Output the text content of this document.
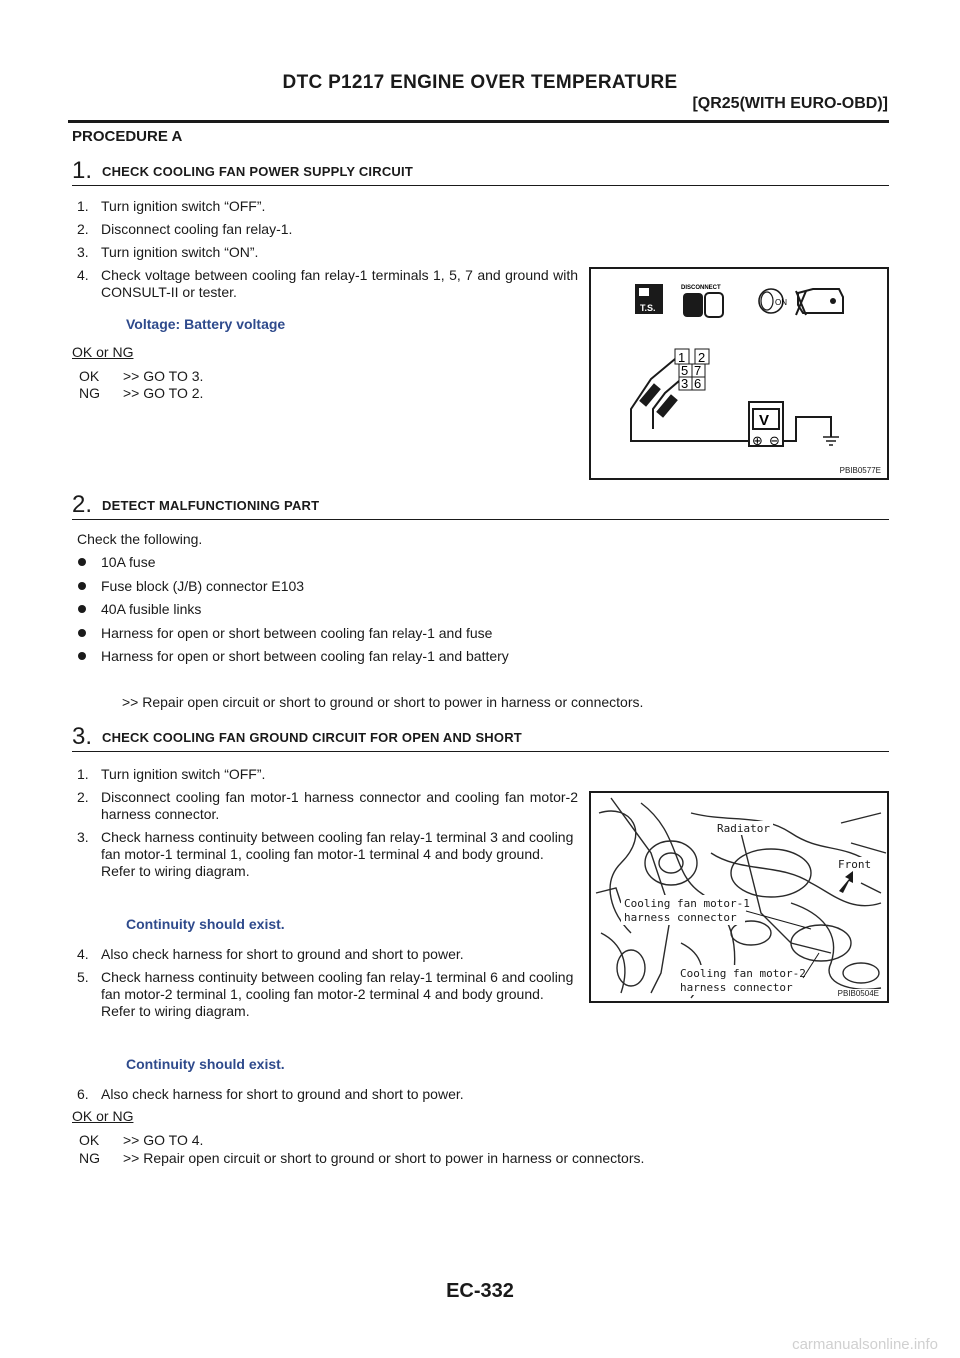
DTC P1217 ENGINE OVER TEMPERATURE
[QR25(WITH EURO-OBD)]
PROCEDURE A
1. CHECK COOLING FAN POWER SUPPLY CIRCUIT
1. Turn ignition switch “OFF”.
2. Disconnect cooling fan relay-1.
3. Turn ignition switch “ON”.
4. Check voltage between cooling fan relay-1 terminals 1, 5, 7 and ground with CONSULT-II or tester.
Voltage: Battery voltage
OK or NG
OK >> GO TO 3.
NG >> GO TO 2.
T.S.
DISCONNECT
ON
1 2
5 7
3 6
V
⊕ ⊖
PBIB0577E
2. DETECT MALFUNCTIONING PART
Check the following.
10A fuse
Fuse block (J/B) connector E103
40A fusible links
Harness for open or short between cooling fan relay-1 and fuse
Harness for open or short between cooling fan relay-1 and battery
>> Repair open circuit or short to ground or short to power in harness or connectors.
3. CHECK COOLING FAN GROUND CIRCUIT FOR OPEN AND SHORT
1. Turn ignition switch “OFF”.
2. Disconnect cooling fan motor-1 harness connector and cooling fan motor-2 harness connector.
3. Check harness continuity between cooling fan relay-1 terminal 3 and cooling fan motor-1 terminal 1, cooling fan motor-1 terminal 4 and body ground. Refer to wiring diagram.
Continuity should exist.
4. Also check harness for short to ground and short to power.
5. Check harness continuity between cooling fan relay-1 terminal 6 and cooling fan motor-2 terminal 1, cooling fan motor-2 terminal 4 and body ground. Refer to wiring diagram.
Continuity should exist.
6. Also check harness for short to ground and short to power.
OK or NG
OK >> GO TO 4.
NG >> Repair open circuit or short to ground or short to power in harness or connectors.
Radiator
Front
Cooling fan motor-1
harness connector
Cooling fan motor-2
harness connector	PBIB0504E
EC-332
carmanualsonline.info
